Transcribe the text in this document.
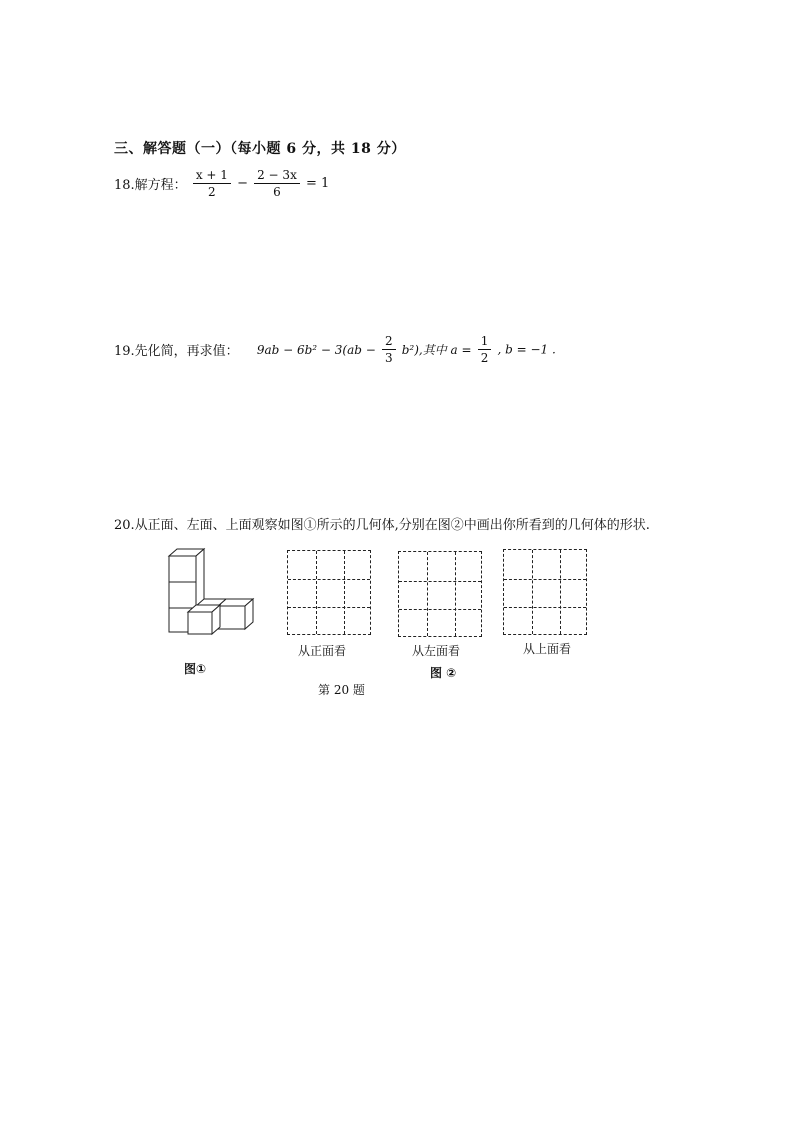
三、解答题（一）（每小题 6 分，共 18 分）
18.解方程： $\frac{x + 1}{2} - \frac{2 - 3x}{6} = 1$
19.先化简，再求值： $9ab - 6b^2 - 3(ab - \frac{2}{3} b^2)$,其中 $a = \frac{1}{2}$ , b = −1 .
20.从正面、左面、上面观察如图①所示的几何体,分别在图②中画出你所看到的几何体的形状.
图①
从正面看	从左面看	从上面看
图 ②
第 20 题
